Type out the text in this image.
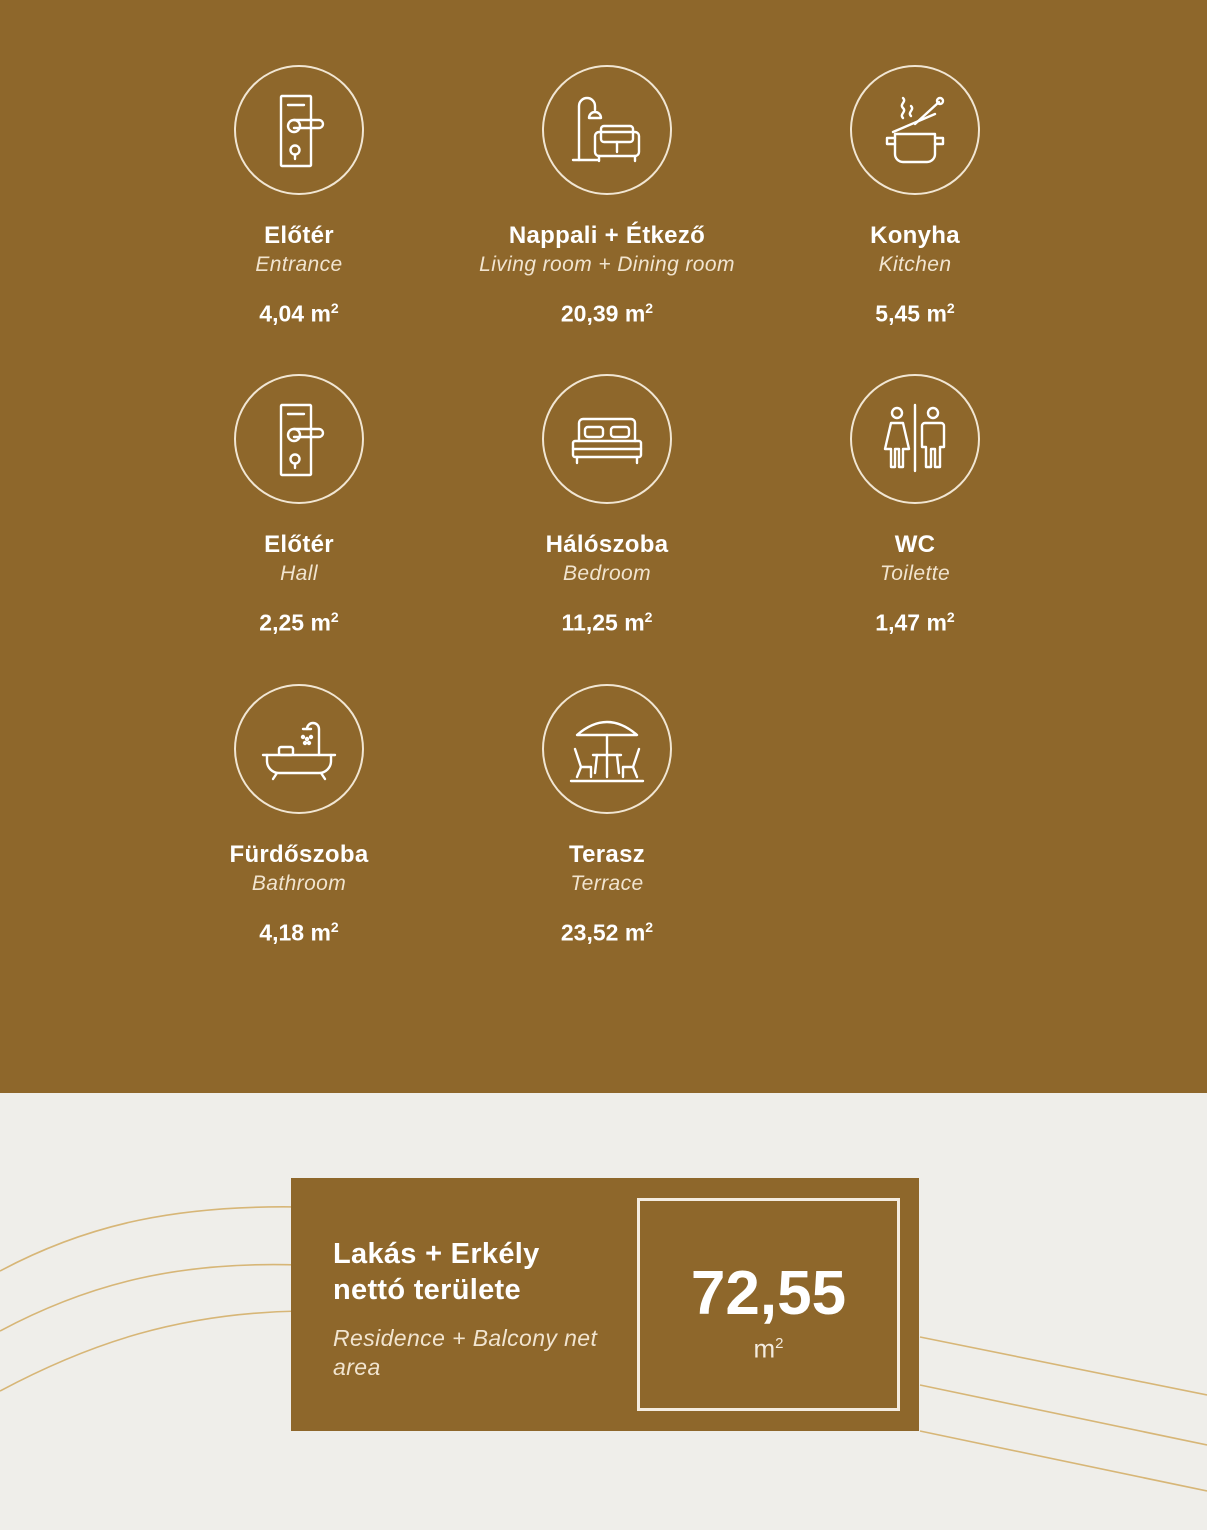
Előtér
Entrance
4,04 $m^2$
Nappali + Étkező
Living room + Dining room
20,39 $m^2$
Konyha
Kitchen
5,45 $m^2$
Előtér
Hall
2,25 $m^2$
Hálószoba
Bedroom
11,25 $m^2$
WC
Toilette
1,47 $m^2$
Fürdőszoba
Bathroom
4,18 $m^2$
Terasz
Terrace
23,52 $m^2$
Lakás + Erkély nettó területe
Residence + Balcony net area
72,55
$m^2$
